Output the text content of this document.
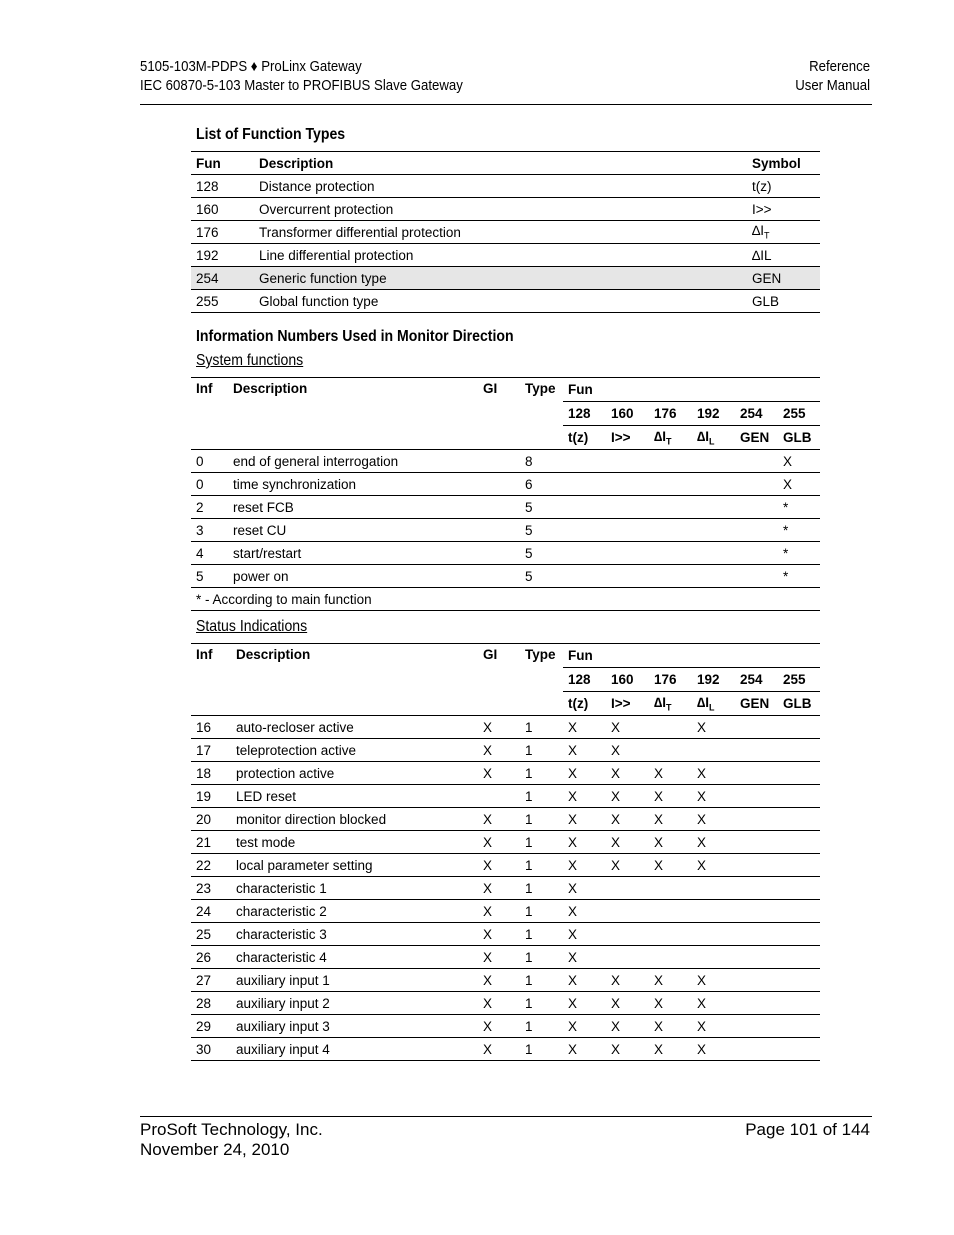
5105-103M-PDPS ♦ ProLinx Gateway
IEC 60870-5-103 Master to PROFIBUS Slave Gateway
Reference
User Manual
List of Function Types
Fun	Description	Symbol
128	Distance protection	t(z)
160	Overcurrent protection	I>>
176	Transformer differential protection	$\Delta I_T$
192	Line differential protection	∆IL
254	Generic function type	GEN
255	Global function type	GLB
Information Numbers Used in Monitor Direction
System functions
Inf	Description	GI	Type	Fun					
				128	160	176	192	254	255
				t(z)	I>>	$\Delta I_T$	$\Delta I_L$	GEN	GLB
0	end of general interrogation		8						X
0	time synchronization		6						X
2	reset FCB		5						*
3	reset CU		5						*
4	start/restart		5						*
5	power on		5						*
* - According to main function									
Status Indications
Inf	Description	GI	Type	Fun					
				128	160	176	192	254	255
				t(z)	I>>	$\Delta I_T$	$\Delta I_L$	GEN	GLB
16	auto-recloser active	X	1	X	X		X		
17	teleprotection active	X	1	X	X				
18	protection active	X	1	X	X	X	X		
19	LED reset		1	X	X	X	X		
20	monitor direction blocked	X	1	X	X	X	X		
21	test mode	X	1	X	X	X	X		
22	local parameter setting	X	1	X	X	X	X		
23	characteristic 1	X	1	X					
24	characteristic 2	X	1	X					
25	characteristic 3	X	1	X					
26	characteristic 4	X	1	X					
27	auxiliary input 1	X	1	X	X	X	X		
28	auxiliary input 2	X	1	X	X	X	X		
29	auxiliary input 3	X	1	X	X	X	X		
30	auxiliary input 4	X	1	X	X	X	X		
ProSoft Technology, Inc.
November 24, 2010
Page 101 of 144
